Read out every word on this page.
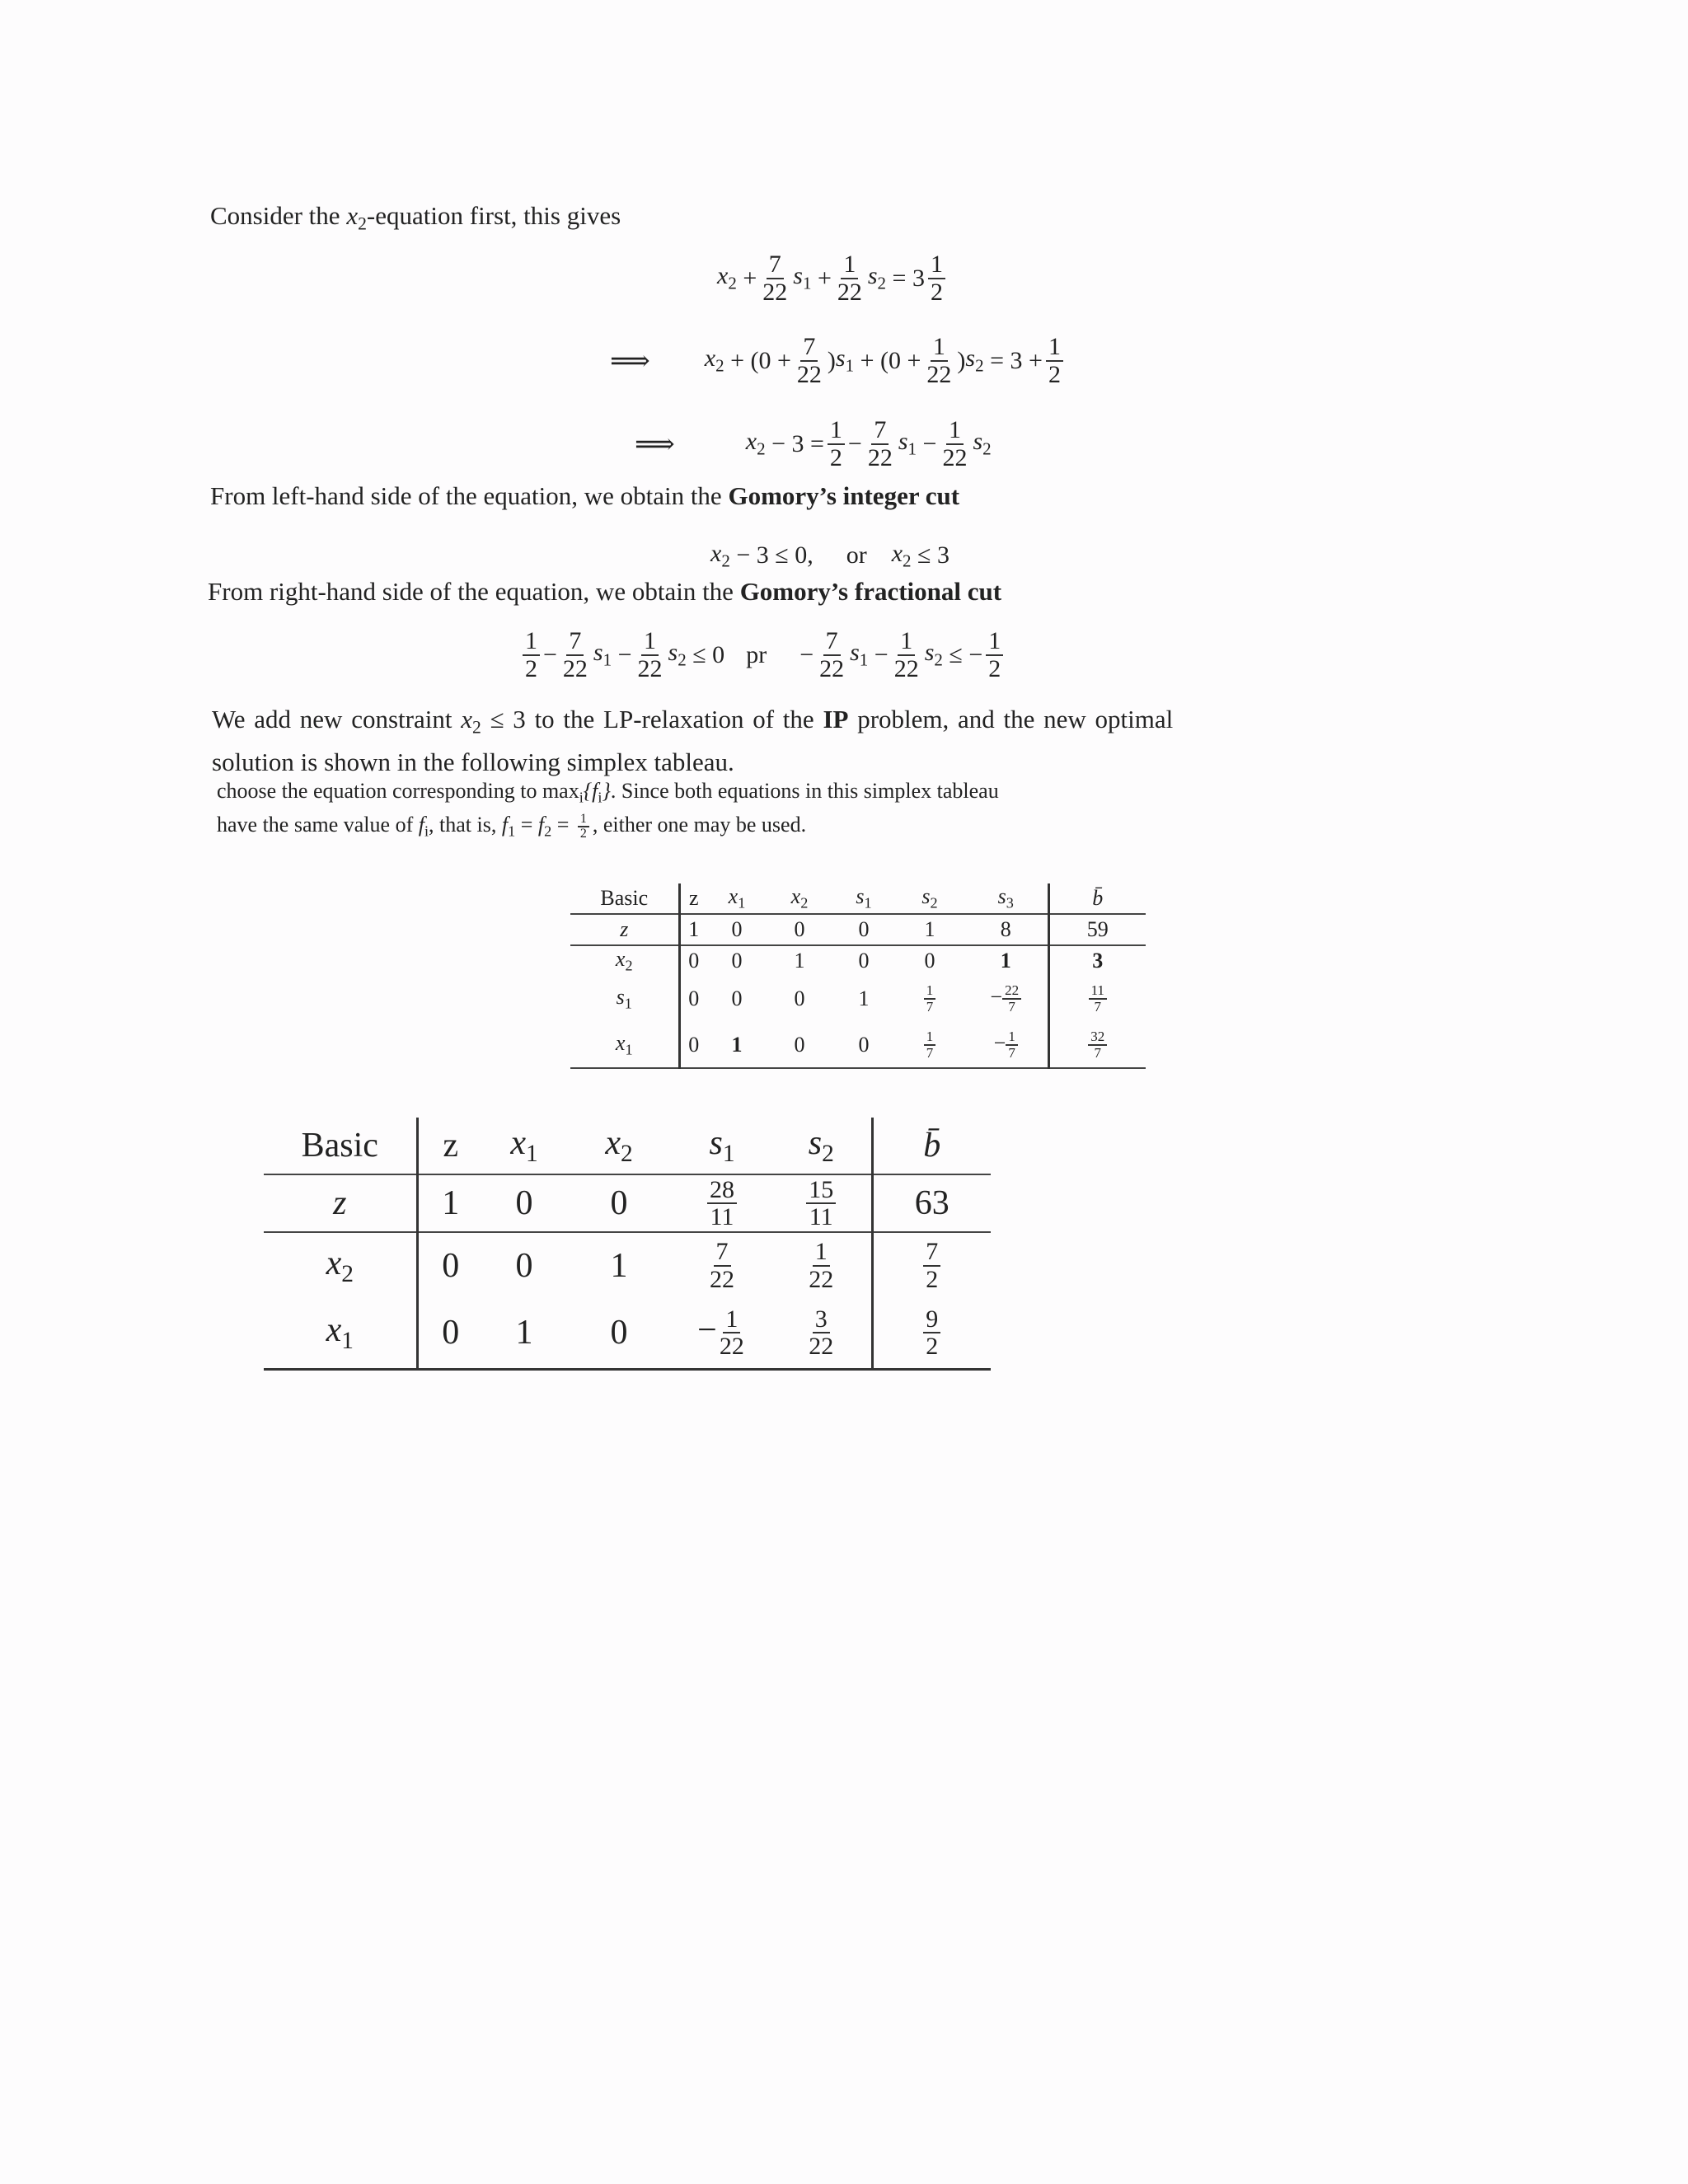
Consider the $x_2$-equation first, this gives
$x_2 + \frac{7}{22} s_1 + \frac{1}{22} s_2 = 3 \frac{1}{2}$
⟹ $x_2 + (0 + \frac{7}{22}$ ) $s_1 + (0 + \frac{1}{22}$ ) $s_2 = 3 + \frac{1}{2}$
⟹	$x_2 - 3 = \frac{1}{2} - \frac{7}{22} s_1 - \frac{1}{22} s_2$
From left-hand side of the equation, we obtain the Gomory’s integer cut
$x_2 - 3 \le 0$, or $x_2 \le 3$
From right-hand side of the equation, we obtain the Gomory’s fractional cut
$\frac{1}{2} - \frac{7}{22} s_1 - \frac{1}{22} s_2 \le 0$ pr − $\frac{7}{22} s_1 - \frac{1}{22} s_2$ ≤ − $\frac{1}{2}$
We add new constraint $x_2 \le 3$ to the LP-relaxation of the IP problem, and the new optimal
solution is shown in the following simplex tableau.
choose the equation corresponding to $\max_i\{f_i\}$. Since both equations in this simplex tableau
have the same value of $f_i$, that is, $f_1 = f_2 = \frac{1}{2}$ , either one may be used.
Basic	z	$x_1$	$x_2$	$s_1$	$s_2$	$s_3$	b̄
z	1	0	0	0	1	8	59
$x_2$	0	0	1	0	0	1	3
$s_1$	0	0	0	1	$\frac{1}{7}$	− $\frac{22}{7}$	$\frac{11}{7}$

$x_1$	0	1	0	0	$\frac{1}{7}$	− $\frac{1}{7}$	$\frac{32}{7}$
Basic	z	$x_1$	$x_2$	$s_1$	$s_2$	b̄
z	1	0	0	$\frac{28}{11}$	$\frac{15}{11}$	63
$x_2$	0	0	1	$\frac{7}{22}$	$\frac{1}{22}$	$\frac{7}{2}$

$x_1$	0	1	0	− $\frac{1}{22}$	$\frac{3}{22}$	$\frac{9}{2}$
